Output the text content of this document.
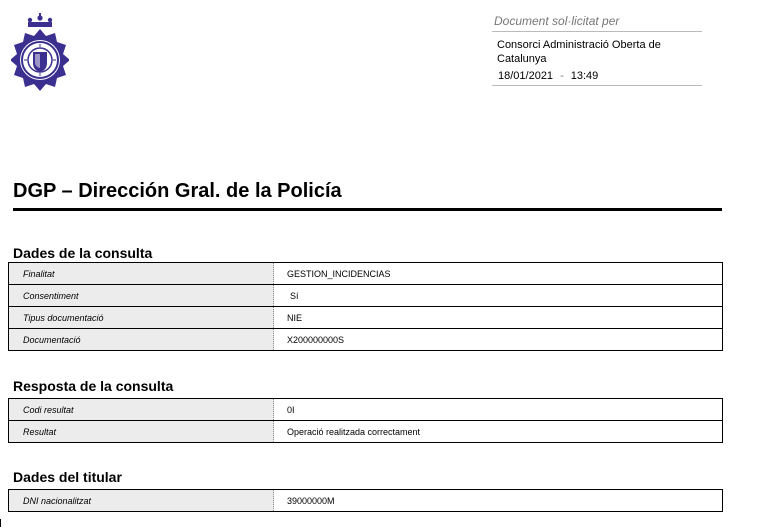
Document sol·licitat per
Consorci Administració Oberta de Catalunya
18/01/2021 - 13:49
DGP – Dirección Gral. de la Policía
Dades de la consulta
Finalitat	GESTION_INCIDENCIAS
Consentiment	Sí
Tipus documentació	NIE
Documentació	X200000000S
Resposta de la consulta
Codi resultat	0I
Resultat	Operació realitzada correctament
Dades del titular
DNI nacionalitzat	39000000M
